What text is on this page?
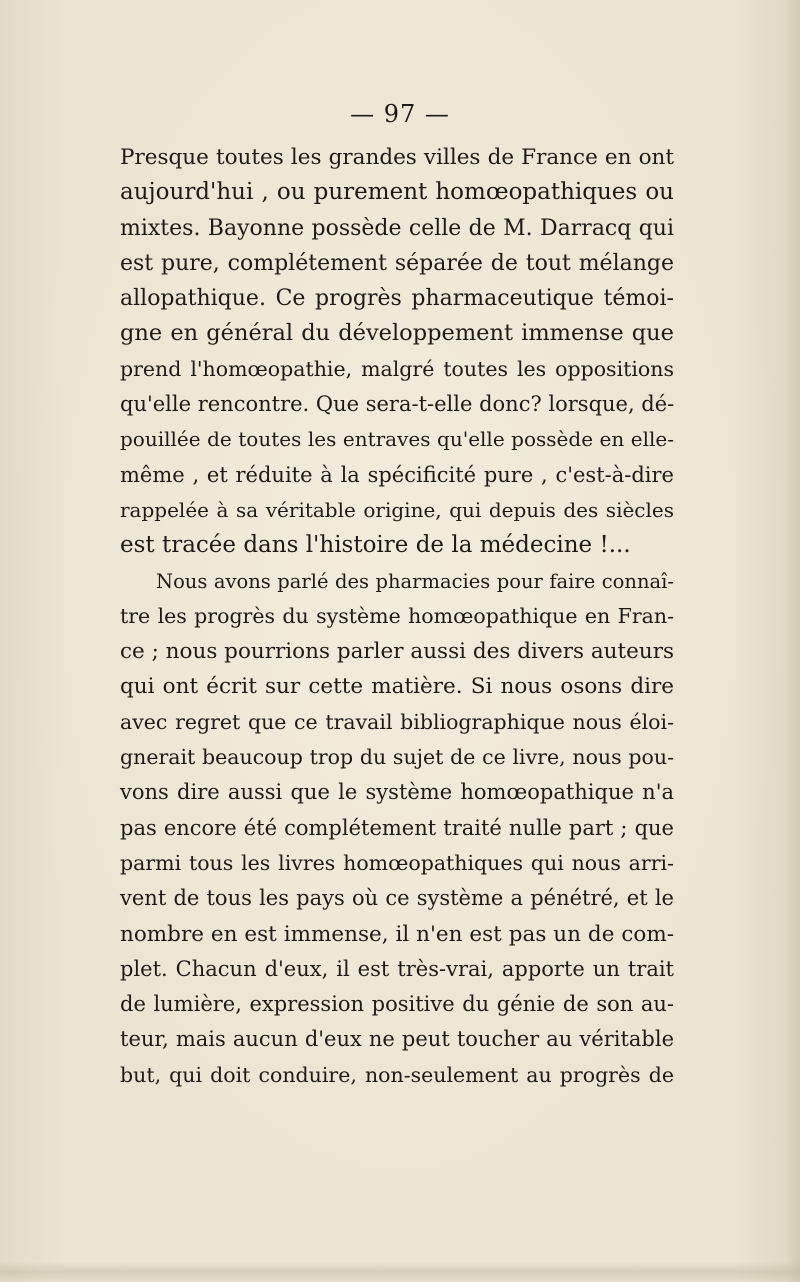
— 97 —
Presque toutes les grandes villes de France en ont
aujourd'hui , ou purement homœopathiques ou
mixtes. Bayonne possède celle de M. Darracq qui
est pure, complétement séparée de tout mélange
allopathique. Ce progrès pharmaceutique témoi-
gne en général du développement immense que
prend l'homœopathie, malgré toutes les oppositions
qu'elle rencontre. Que sera-t-elle donc? lorsque, dé-
pouillée de toutes les entraves qu'elle possède en elle-
même , et réduite à la spécificité pure , c'est-à-dire
rappelée à sa véritable origine, qui depuis des siècles
est tracée dans l'histoire de la médecine !...
Nous avons parlé des pharmacies pour faire connaî-
tre les progrès du système homœopathique en Fran-
ce ; nous pourrions parler aussi des divers auteurs
qui ont écrit sur cette matière. Si nous osons dire
avec regret que ce travail bibliographique nous éloi-
gnerait beaucoup trop du sujet de ce livre, nous pou-
vons dire aussi que le système homœopathique n'a
pas encore été complétement traité nulle part ; que
parmi tous les livres homœopathiques qui nous arri-
vent de tous les pays où ce système a pénétré, et le
nombre en est immense, il n'en est pas un de com-
plet. Chacun d'eux, il est très-vrai, apporte un trait
de lumière, expression positive du génie de son au-
teur, mais aucun d'eux ne peut toucher au véritable
but, qui doit conduire, non-seulement au progrès de
